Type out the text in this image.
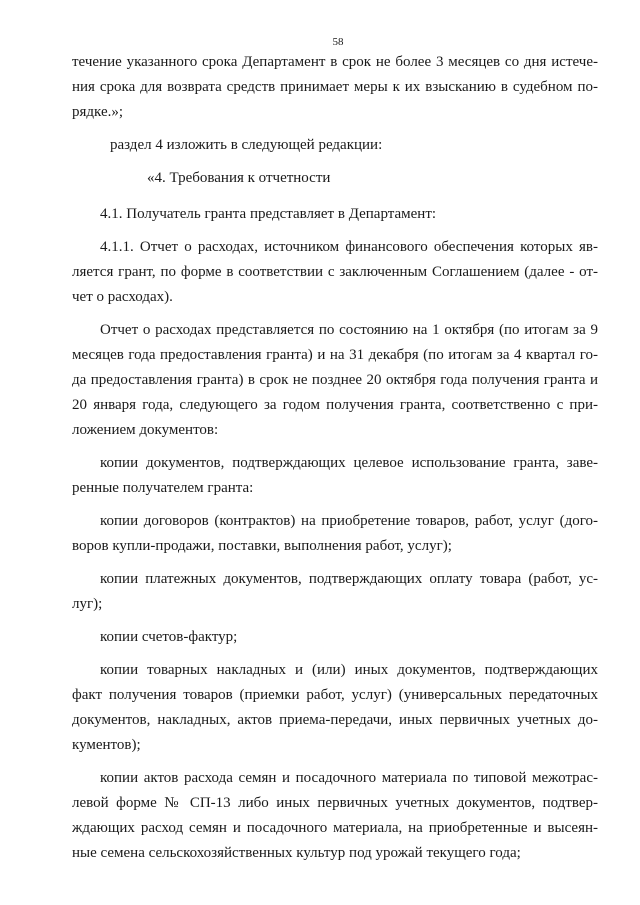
58

течение указанного срока Департамент в срок не более 3 месяцев со дня истече-
ния срока для возврата средств принимает меры к их взысканию в судебном по-
рядке.»;

раздел 4 изложить в следующей редакции:

«4. Требования к отчетности

4.1. Получатель гранта представляет в Департамент:

4.1.1. Отчет о расходах, источником финансового обеспечения которых яв-
ляется грант, по форме в соответствии с заключенным Соглашением (далее - от-
чет о расходах).

Отчет о расходах представляется по состоянию на 1 октября (по итогам за 9
месяцев года предоставления гранта) и на 31 декабря (по итогам за 4 квартал го-
да предоставления гранта) в срок не позднее 20 октября года получения гранта и
20 января года, следующего за годом получения гранта, соответственно с при-
ложением документов:

копии документов, подтверждающих целевое использование гранта, заве-
ренные получателем гранта:

копии договоров (контрактов) на приобретение товаров, работ, услуг (дого-
воров купли-продажи, поставки, выполнения работ, услуг);

копии платежных документов, подтверждающих оплату товара (работ, ус-
луг);

копии счетов-фактур;

копии товарных накладных и (или) иных документов, подтверждающих
факт получения товаров (приемки работ, услуг) (универсальных передаточных
документов, накладных, актов приема-передачи, иных первичных учетных до-
кументов);

копии актов расхода семян и посадочного материала по типовой межотрас-
левой форме № СП-13 либо иных первичных учетных документов, подтвер-
ждающих расход семян и посадочного материала, на приобретенные и высеян-
ные семена сельскохозяйственных культур под урожай текущего года;
